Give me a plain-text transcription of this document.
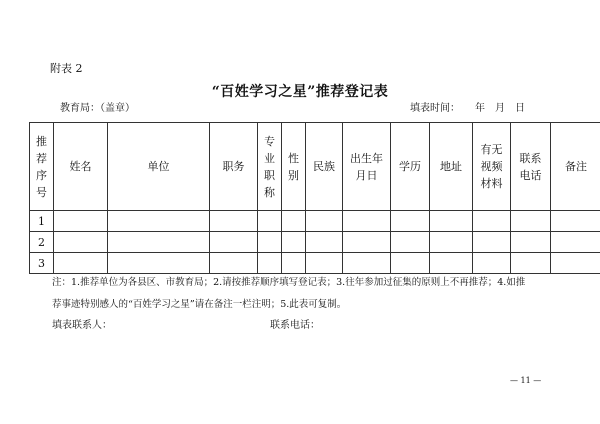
附表 2
“百姓学习之星”推荐登记表
教育局：（盖章）	填表时间：　　年　月　日
推荐序号	姓名	单位	职务	专业职称	性别	民族	出生年月日	学历	地址	有无视频材料	联系电话	备注
1												
2												
3												
注：1.推荐单位为各县区、市教育局；2.请按推荐顺序填写登记表；3.往年参加过征集的原则上不再推荐；4.如推
荐事迹特别感人的“百姓学习之星”请在备注一栏注明；5.此表可复制。
填表联系人：	联系电话：
— 11 —
